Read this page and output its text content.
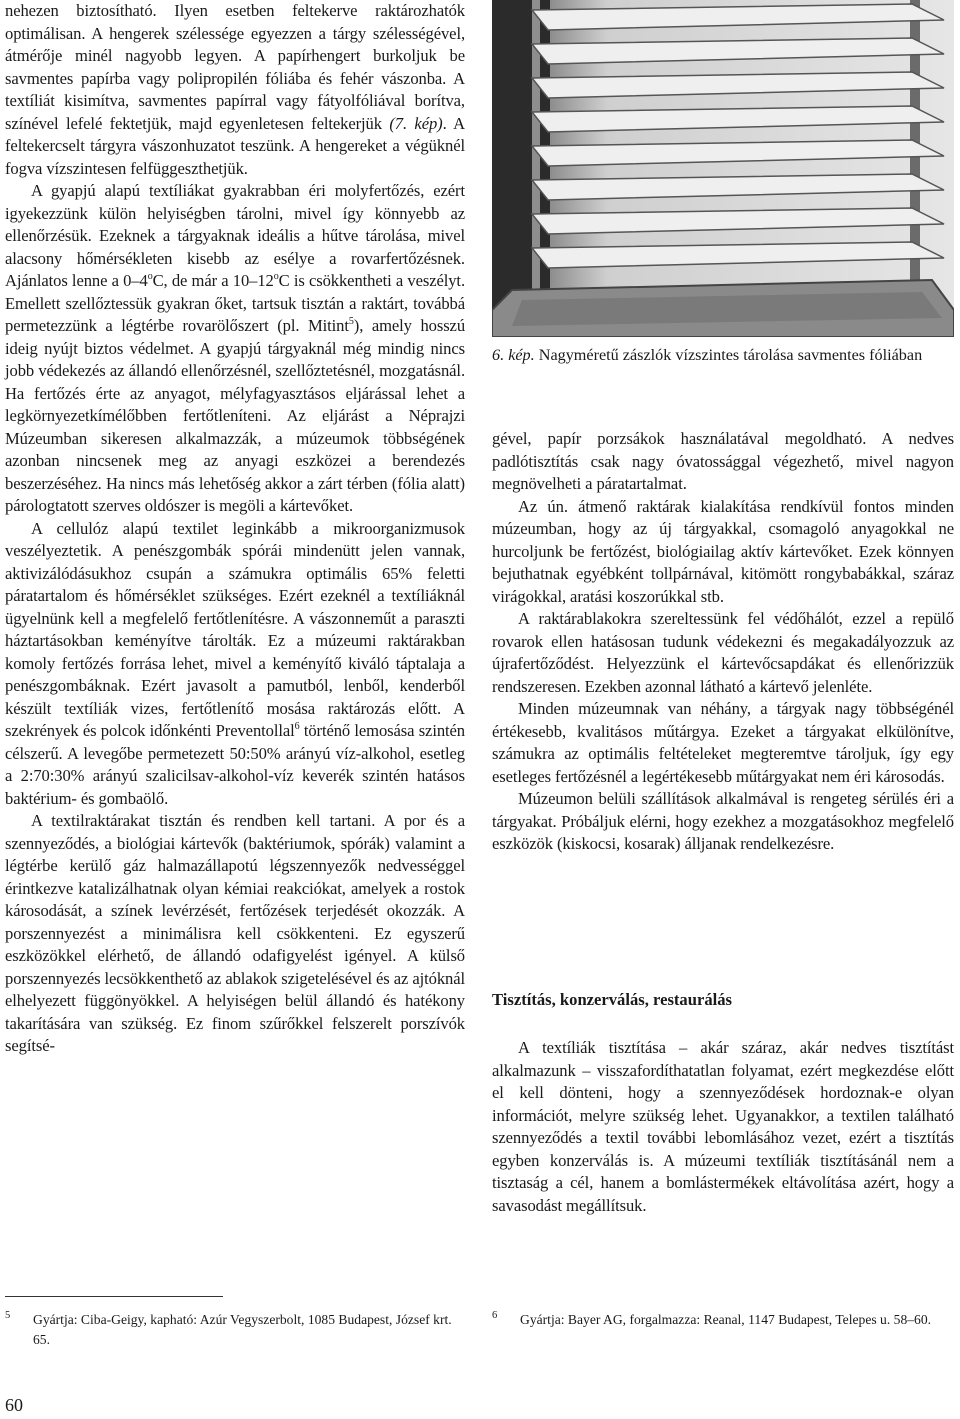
nehezen biztosítható. Ilyen esetben feltekerve raktározhatók optimálisan. A hengerek szélessége egyezzen a tárgy szélességével, átmérője minél nagyobb legyen. A papírhengert burkoljuk be savmentes papírba vagy polipropilén fóliába és fehér vászonba. A textíliát kisimítva, savmentes papírral vagy fátyolfóliával borítva, színével lefelé fektetjük, majd egyenletesen feltekerjük (7. kép). A feltekercselt tárgyra vászonhuzatot teszünk. A hengereket a végüknél fogva vízszintesen felfüggeszthetjük.

A gyapjú alapú textíliákat gyakrabban éri molyfertőzés, ezért igyekezzünk külön helyiségben tárolni, mivel így könnyebb az ellenőrzésük. Ezeknek a tárgyaknak ideális a hűtve tárolása, mivel alacsony hőmérsékleten kisebb az esélye a rovarfertőzésnek. Ajánlatos lenne a 0–4$^o$C, de már a 10–12$^o$C is csökkentheti a veszélyt. Emellett szellőztessük gyakran őket, tartsuk tisztán a raktárt, továbbá permetezzünk a légtérbe rovarölőszert (pl. Mitint$^5$), amely hosszú ideig nyújt biztos védelmet. A gyapjú tárgyaknál még mindig nincs jobb védekezés az állandó ellenőrzésnél, szellőztetésnél, mozgatásnál. Ha fertőzés érte az anyagot, mélyfagyasztásos eljárással lehet a legkörnyezetkímélőbben fertőtleníteni. Az eljárást a Néprajzi Múzeumban sikeresen alkalmazzák, a múzeumok többségének azonban nincsenek meg az anyagi eszközei a berendezés beszerzéséhez. Ha nincs más lehetőség akkor a zárt térben (fólia alatt) párologtatott szerves oldószer is megöli a kártevőket.

A cellulóz alapú textilet leginkább a mikroorganizmusok veszélyeztetik. A penészgombák spórái mindenütt jelen vannak, aktivizálódásukhoz csupán a számukra optimális 65% feletti páratartalom és hőmérséklet szükséges. Ezért ezeknél a textíliáknál ügyelnünk kell a megfelelő fertőtlenítésre. A vászonneműt a paraszti háztartásokban keményítve tárolták. Ez a múzeumi raktárakban komoly fertőzés forrása lehet, mivel a keményítő kiváló táptalaja a penészgombáknak. Ezért javasolt a pamutból, lenből, kenderből készült textíliák vizes, fertőtlenítő mosása raktározás előtt. A szekrények és polcok időnkénti Preventollal$^6$ történő lemosása szintén célszerű. A levegőbe permetezett 50:50% arányú víz-alkohol, esetleg a 2:70:30% arányú szalicilsav-alkohol-víz keverék szintén hatásos baktérium- és gombaölő.

A textilraktárakat tisztán és rendben kell tartani. A por és a szennyeződés, a biológiai kártevők (baktériumok, spórák) valamint a légtérbe kerülő gáz halmazállapotú légszennyezők nedvességgel érintkezve katalizálhatnak olyan kémiai reakciókat, amelyek a rostok károsodását, a színek levérzését, fertőzések terjedését okozzák. A porszennyezést a minimálisra kell csökkenteni. Ez egyszerű eszközökkel elérhető, de állandó odafigyelést igényel. A külső porszennyezés lecsökkenthető az ablakok szigetelésével és az ajtóknál elhelyezett függönyökkel. A helyiségen belül állandó és hatékony takarítására van szükség. Ez finom szűrőkkel felszerelt porszívók segítsé-

6. kép. Nagyméretű zászlók vízszintes tárolása savmentes fóliában

gével, papír porzsákok használatával megoldható. A nedves padlótisztítás csak nagy óvatossággal végezhető, mivel nagyon megnövelheti a páratartalmat.

Az ún. átmenő raktárak kialakítása rendkívül fontos minden múzeumban, hogy az új tárgyakkal, csomagoló anyagokkal ne hurcoljunk be fertőzést, biológiailag aktív kártevőket. Ezek könnyen bejuthatnak egyébként tollpárnával, kitömött rongybabákkal, száraz virágokkal, aratási koszorúkkal stb.

A raktárablakokra szereltessünk fel védőhálót, ezzel a repülő rovarok ellen hatásosan tudunk védekezni és megakadályozzuk az újrafertőződést. Helyezzünk el kártevőcsapdákat és ellenőrizzük rendszeresen. Ezekben azonnal látható a kártevő jelenléte.

Minden múzeumnak van néhány, a tárgyak nagy többségénél értékesebb, kvalitásos műtárgya. Ezeket a tárgyakat elkülönítve, számukra az optimális feltételeket megteremtve tároljuk, így egy esetleges fertőzésnél a legértékesebb műtárgyakat nem éri károsodás.

Múzeumon belüli szállítások alkalmával is rengeteg sérülés éri a tárgyakat. Próbáljuk elérni, hogy ezekhez a mozgatásokhoz megfelelő eszközök (kiskocsi, kosarak) álljanak rendelkezésre.

Tisztítás, konzerválás, restaurálás

A textíliák tisztítása – akár száraz, akár nedves tisztítást alkalmazunk – visszafordíthatatlan folyamat, ezért megkezdése előtt el kell dönteni, hogy a szennyeződések hordoznak-e olyan információt, melyre szükség lehet. Ugyanakkor, a textilen található szennyeződés a textil további lebomlásához vezet, ezért a tisztítás egyben konzerválás is. A múzeumi textíliák tisztításánál nem a tisztaság a cél, hanem a bomlástermékek eltávolítása azért, hogy a savasodást megállítsuk.

5	Gyártja: Ciba-Geigy, kapható: Azúr Vegyszerbolt, 1085 Budapest, József krt. 65.
6	Gyártja: Bayer AG, forgalmazza: Reanal, 1147 Budapest, Telepes u. 58–60.

60
